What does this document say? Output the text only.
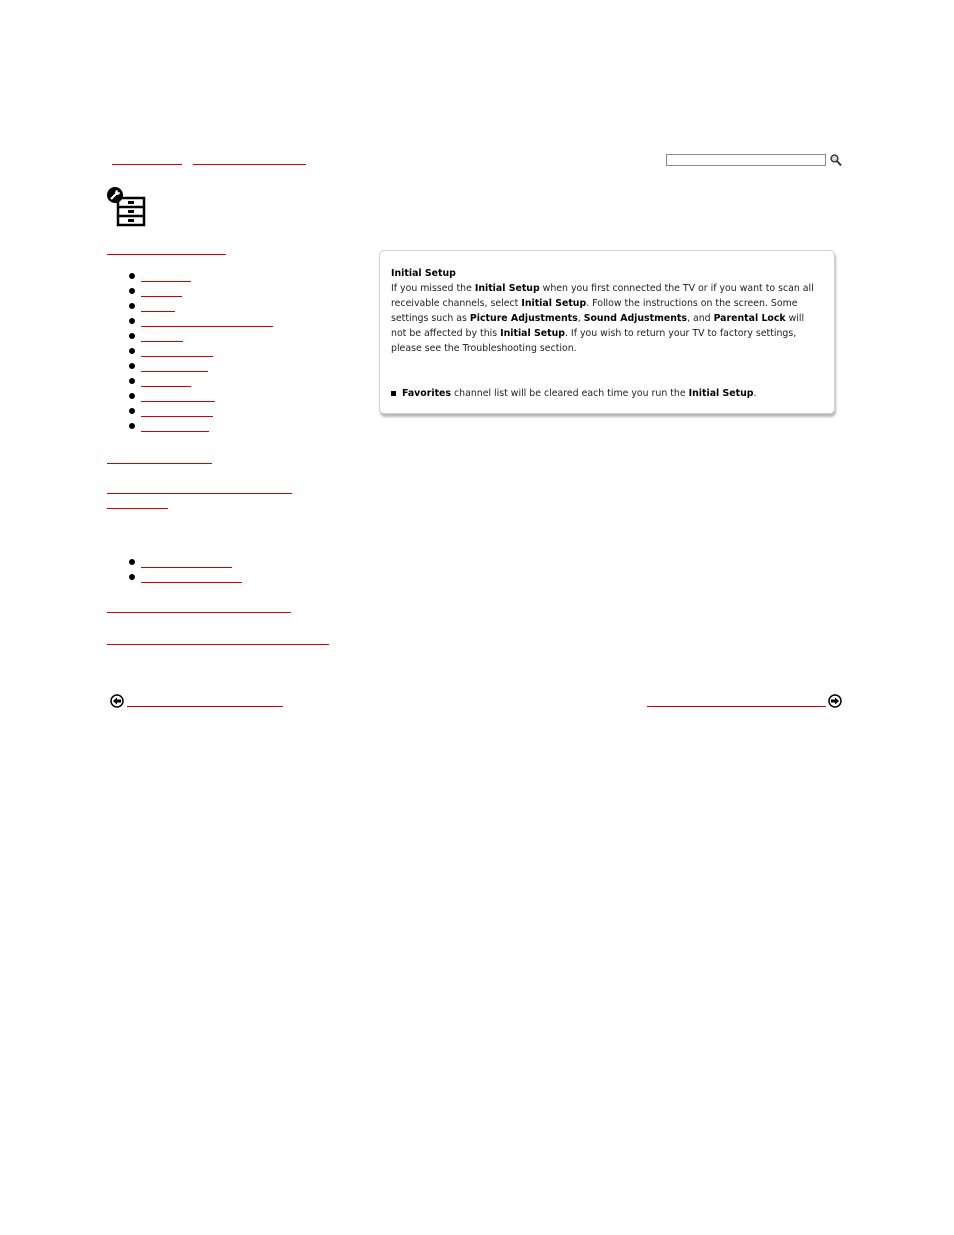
Initial Setup
If you missed the Initial Setup when you first connected the TV or if you want to scan all receivable channels, select Initial Setup. Follow the instructions on the screen. Some settings such as Picture Adjustments, Sound Adjustments, and Parental Lock will not be affected by this Initial Setup. If you wish to return your TV to factory settings, please see the Troubleshooting section.
Favorites channel list will be cleared each time you run the Initial Setup.
